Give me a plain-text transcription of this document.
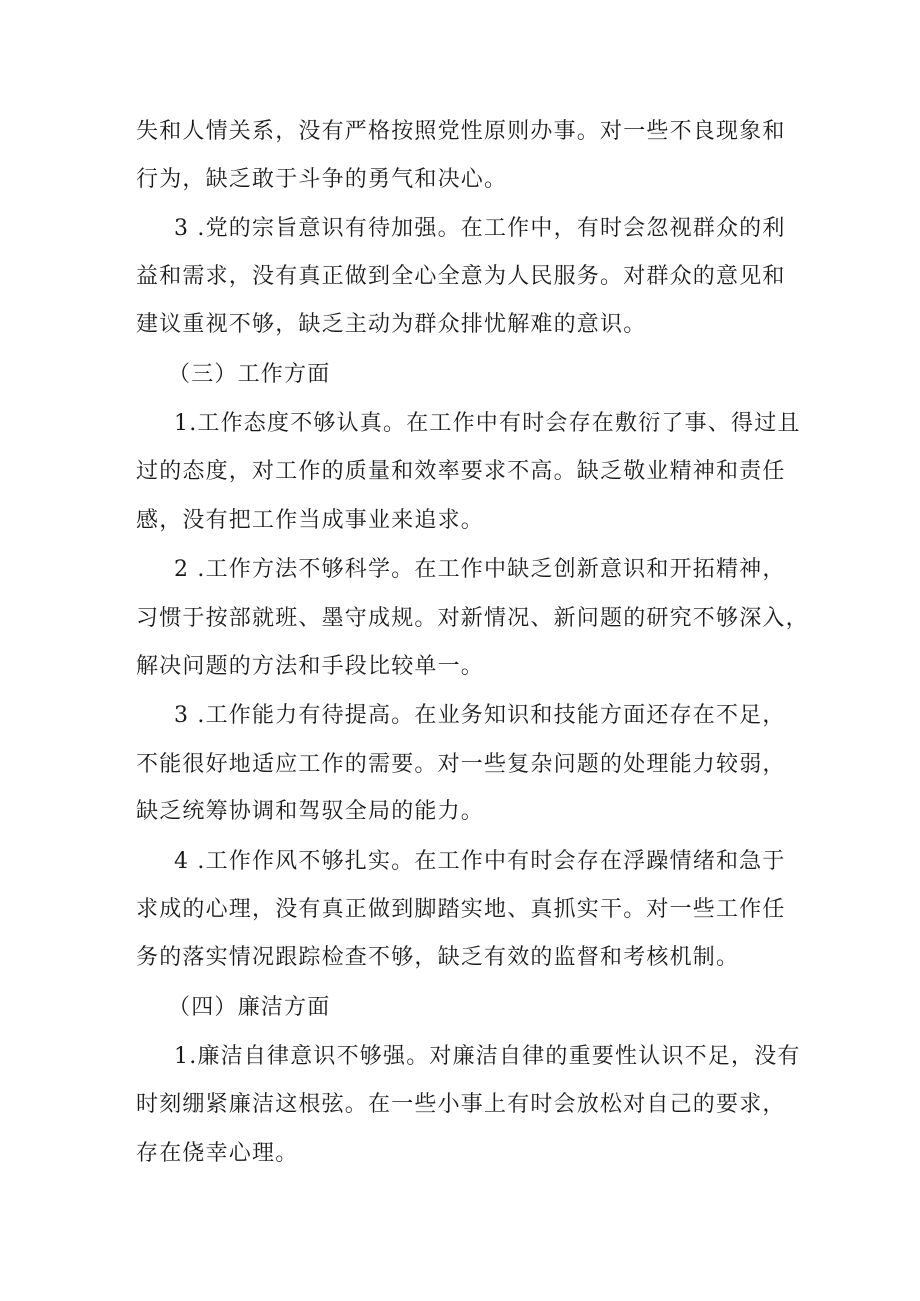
失和人情关系，没有严格按照党性原则办事。对一些不良现象和
行为，缺乏敢于斗争的勇气和决心。
3 .党的宗旨意识有待加强。在工作中，有时会忽视群众的利
益和需求，没有真正做到全心全意为人民服务。对群众的意见和
建议重视不够，缺乏主动为群众排忧解难的意识。
（三）工作方面
1.工作态度不够认真。在工作中有时会存在敷衍了事、得过且
过的态度，对工作的质量和效率要求不高。缺乏敬业精神和责任
感，没有把工作当成事业来追求。
2 .工作方法不够科学。在工作中缺乏创新意识和开拓精神，
习惯于按部就班、墨守成规。对新情况、新问题的研究不够深入，
解决问题的方法和手段比较单一。
3 .工作能力有待提高。在业务知识和技能方面还存在不足，
不能很好地适应工作的需要。对一些复杂问题的处理能力较弱，
缺乏统筹协调和驾驭全局的能力。
4 .工作作风不够扎实。在工作中有时会存在浮躁情绪和急于
求成的心理，没有真正做到脚踏实地、真抓实干。对一些工作任
务的落实情况跟踪检查不够，缺乏有效的监督和考核机制。
（四）廉洁方面
1.廉洁自律意识不够强。对廉洁自律的重要性认识不足，没有
时刻绷紧廉洁这根弦。在一些小事上有时会放松对自己的要求，
存在侥幸心理。
